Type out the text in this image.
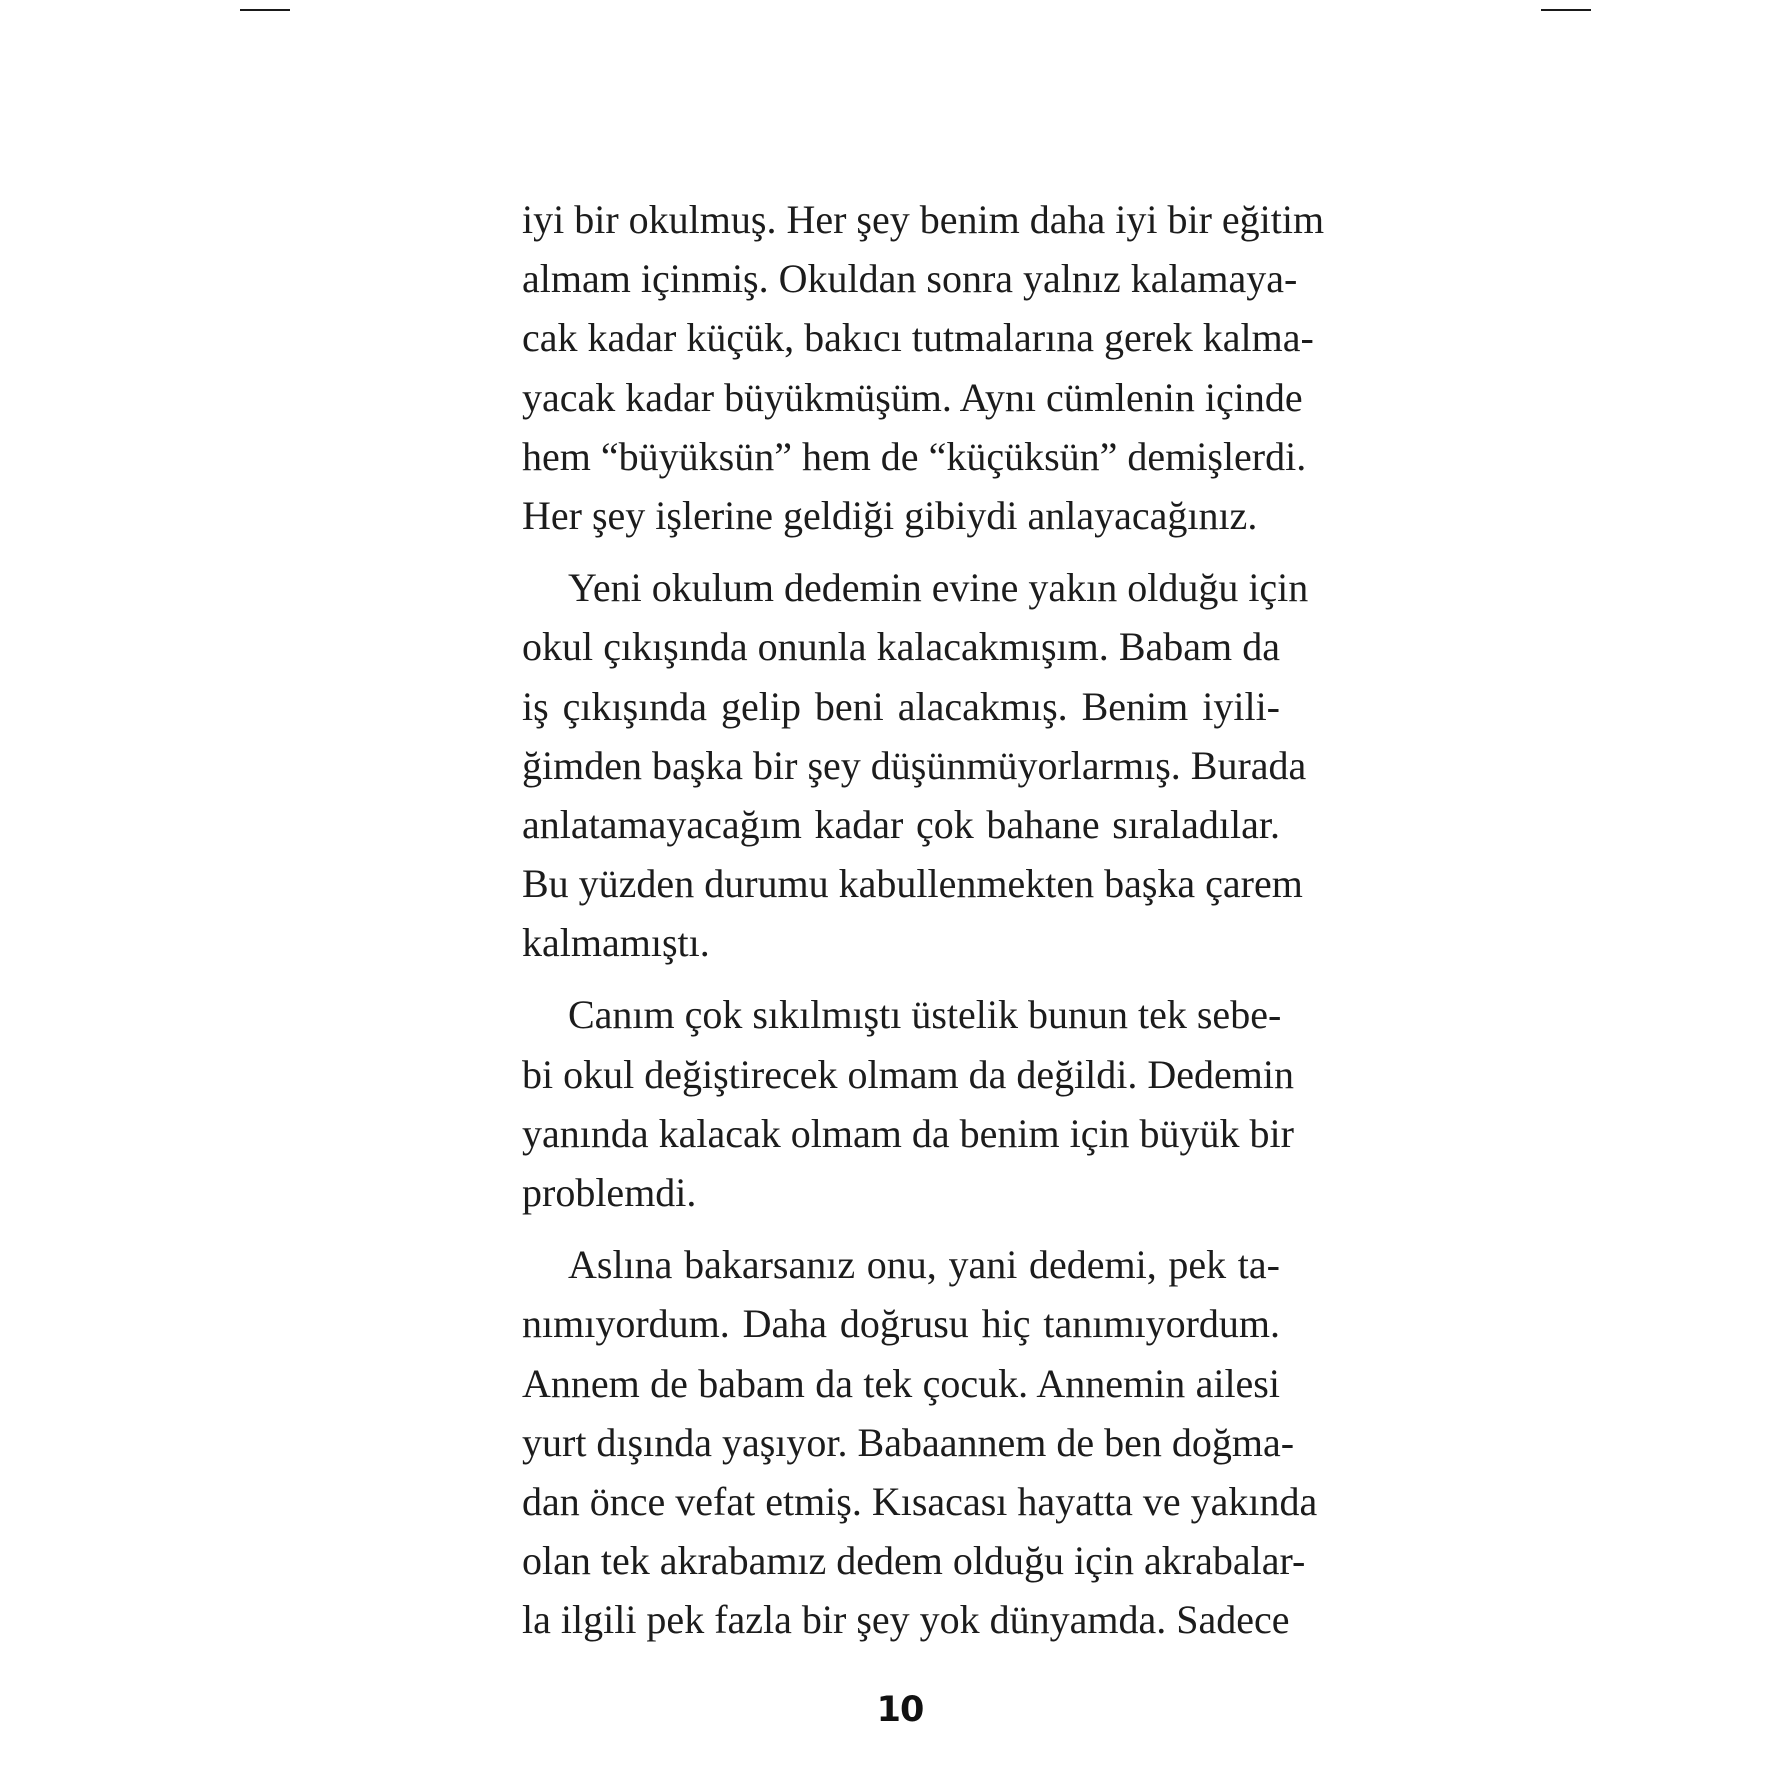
iyi bir okulmuş. Her şey benim daha iyi bir eğitim
almam içinmiş. Okuldan sonra yalnız kalamaya-
cak kadar küçük, bakıcı tutmalarına gerek kalma-
yacak kadar büyükmüşüm. Aynı cümlenin içinde
hem “büyüksün” hem de “küçüksün” demişlerdi.
Her şey işlerine geldiği gibiydi anlayacağınız.

Yeni okulum dedemin evine yakın olduğu için
okul çıkışında onunla kalacakmışım. Babam da
iş çıkışında gelip beni alacakmış. Benim iyili-
ğimden başka bir şey düşünmüyorlarmış. Burada
anlatamayacağım kadar çok bahane sıraladılar.
Bu yüzden durumu kabullenmekten başka çarem
kalmamıştı.

Canım çok sıkılmıştı üstelik bunun tek sebe-
bi okul değiştirecek olmam da değildi. Dedemin
yanında kalacak olmam da benim için büyük bir
problemdi.

Aslına bakarsanız onu, yani dedemi, pek ta-
nımıyordum. Daha doğrusu hiç tanımıyordum.
Annem de babam da tek çocuk. Annemin ailesi
yurt dışında yaşıyor. Babaannem de ben doğma-
dan önce vefat etmiş. Kısacası hayatta ve yakında
olan tek akrabamız dedem olduğu için akrabalar-
la ilgili pek fazla bir şey yok dünyamda. Sadece

10
